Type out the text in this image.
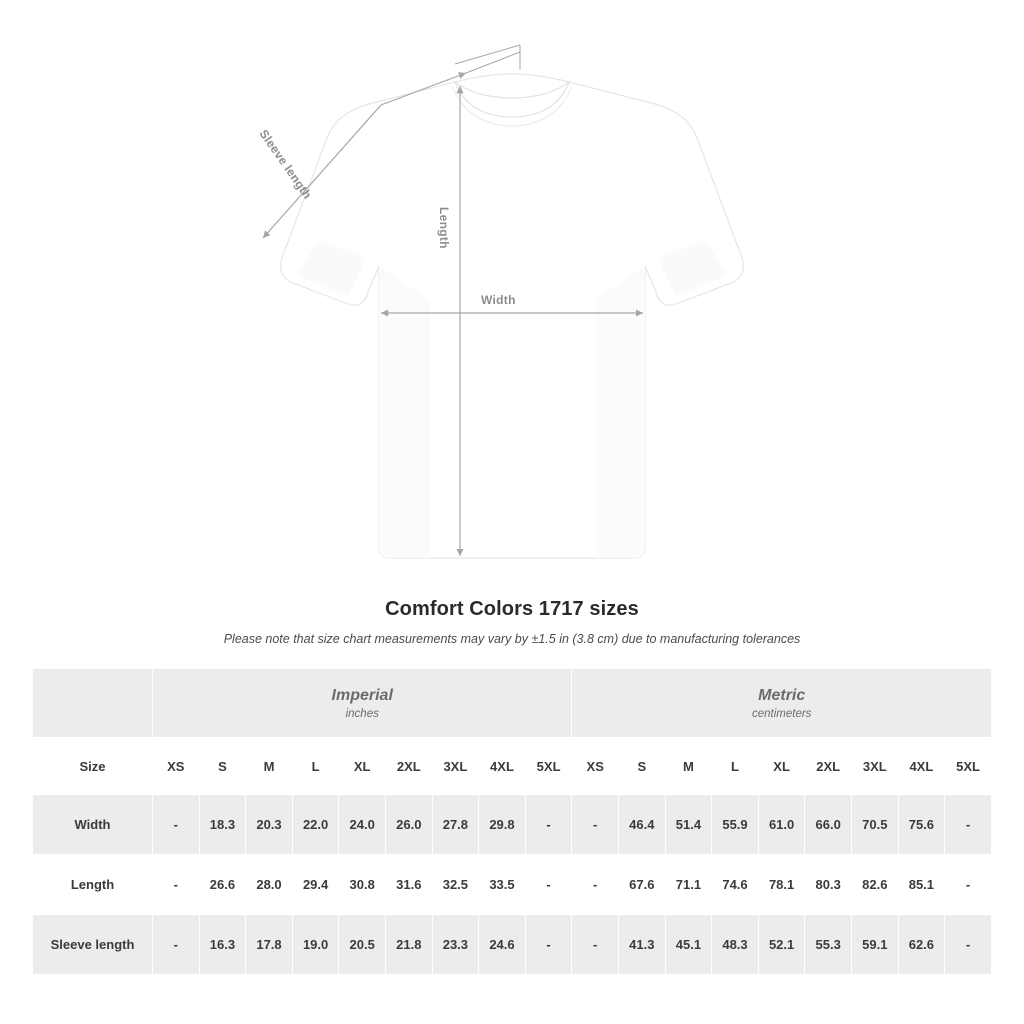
Width
Length
Sleeve length
Comfort Colors 1717 sizes

Please note that size chart measurements may vary by ±1.5 in (3.8 cm) due to manufacturing tolerances

	Imperial
inches									Metric
centimeters								

Size	XS	S	M	L	XL	2XL	3XL	4XL	5XL	XS	S	M	L	XL	2XL	3XL	4XL	5XL
Width	-	18.3	20.3	22.0	24.0	26.0	27.8	29.8	-	-	46.4	51.4	55.9	61.0	66.0	70.5	75.6	-
Length	-	26.6	28.0	29.4	30.8	31.6	32.5	33.5	-	-	67.6	71.1	74.6	78.1	80.3	82.6	85.1	-
Sleeve length	-	16.3	17.8	19.0	20.5	21.8	23.3	24.6	-	-	41.3	45.1	48.3	52.1	55.3	59.1	62.6	-
